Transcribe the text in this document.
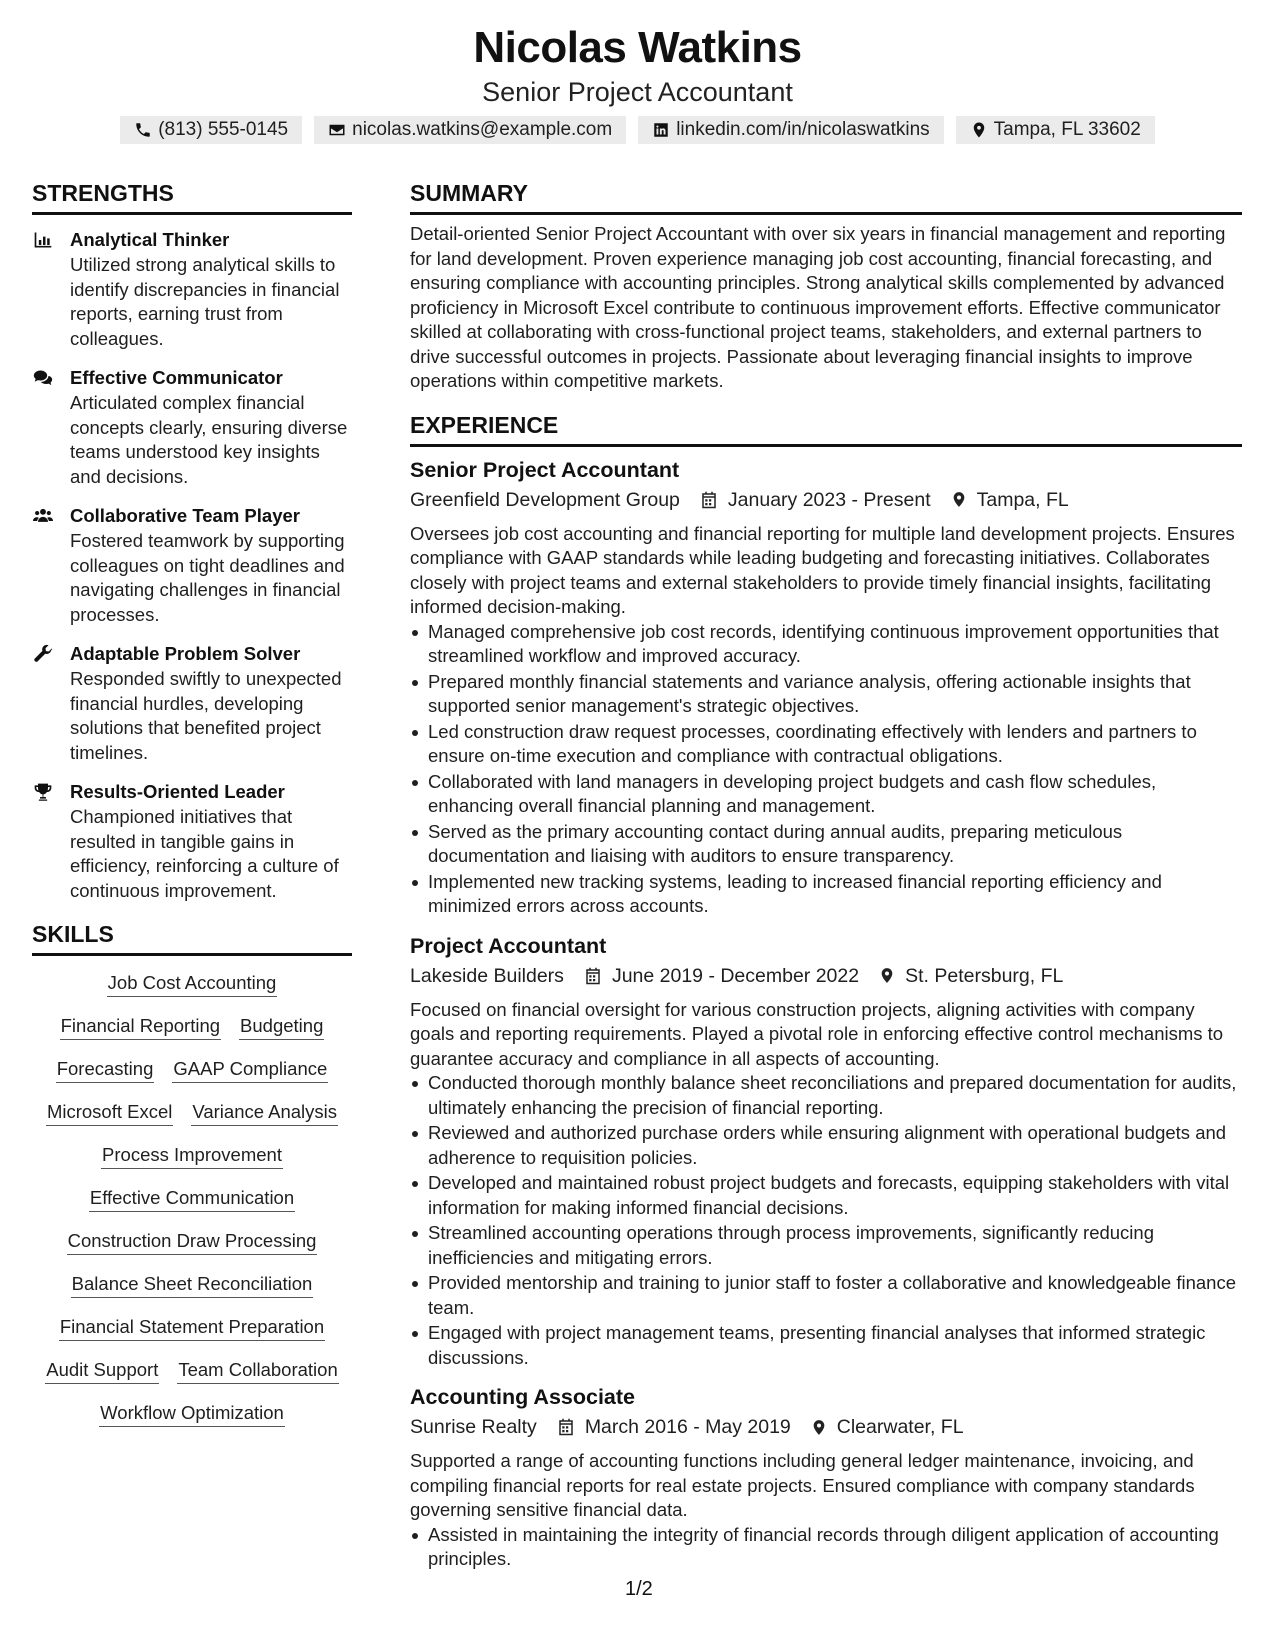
Nicolas Watkins
Senior Project Accountant
(813) 555-0145	nicolas.watkins@example.com	linkedin.com/in/nicolaswatkins	Tampa, FL 33602
STRENGTHS
Analytical Thinker
Utilized strong analytical skills to identify discrepancies in financial reports, earning trust from colleagues.
Effective Communicator
Articulated complex financial concepts clearly, ensuring diverse teams understood key insights and decisions.
Collaborative Team Player
Fostered teamwork by supporting colleagues on tight deadlines and navigating challenges in financial processes.
Adaptable Problem Solver
Responded swiftly to unexpected financial hurdles, developing solutions that benefited project timelines.
Results-Oriented Leader
Championed initiatives that resulted in tangible gains in efficiency, reinforcing a culture of continuous improvement.
SKILLS
Job Cost Accounting
Financial Reporting Budgeting
Forecasting GAAP Compliance
Microsoft Excel Variance Analysis
Process Improvement
Effective Communication
Construction Draw Processing
Balance Sheet Reconciliation
Financial Statement Preparation
Audit Support Team Collaboration
Workflow Optimization
SUMMARY
Detail-oriented Senior Project Accountant with over six years in financial management and reporting for land development. Proven experience managing job cost accounting, financial forecasting, and ensuring compliance with accounting principles. Strong analytical skills complemented by advanced proficiency in Microsoft Excel contribute to continuous improvement efforts. Effective communicator skilled at collaborating with cross-functional project teams, stakeholders, and external partners to drive successful outcomes in projects. Passionate about leveraging financial insights to improve operations within competitive markets.
EXPERIENCE
Senior Project Accountant
Greenfield Development Group January 2023 - Present Tampa, FL
Oversees job cost accounting and financial reporting for multiple land development projects. Ensures compliance with GAAP standards while leading budgeting and forecasting initiatives. Collaborates closely with project teams and external stakeholders to provide timely financial insights, facilitating informed decision-making.
Managed comprehensive job cost records, identifying continuous improvement opportunities that streamlined workflow and improved accuracy.
Prepared monthly financial statements and variance analysis, offering actionable insights that supported senior management's strategic objectives.
Led construction draw request processes, coordinating effectively with lenders and partners to ensure on-time execution and compliance with contractual obligations.
Collaborated with land managers in developing project budgets and cash flow schedules, enhancing overall financial planning and management.
Served as the primary accounting contact during annual audits, preparing meticulous documentation and liaising with auditors to ensure transparency.
Implemented new tracking systems, leading to increased financial reporting efficiency and minimized errors across accounts.
Project Accountant
Lakeside Builders June 2019 - December 2022 St. Petersburg, FL
Focused on financial oversight for various construction projects, aligning activities with company goals and reporting requirements. Played a pivotal role in enforcing effective control mechanisms to guarantee accuracy and compliance in all aspects of accounting.
Conducted thorough monthly balance sheet reconciliations and prepared documentation for audits, ultimately enhancing the precision of financial reporting.
Reviewed and authorized purchase orders while ensuring alignment with operational budgets and adherence to requisition policies.
Developed and maintained robust project budgets and forecasts, equipping stakeholders with vital information for making informed financial decisions.
Streamlined accounting operations through process improvements, significantly reducing inefficiencies and mitigating errors.
Provided mentorship and training to junior staff to foster a collaborative and knowledgeable finance team.
Engaged with project management teams, presenting financial analyses that informed strategic discussions.
Accounting Associate
Sunrise Realty March 2016 - May 2019 Clearwater, FL
Supported a range of accounting functions including general ledger maintenance, invoicing, and compiling financial reports for real estate projects. Ensured compliance with company standards governing sensitive financial data.
Assisted in maintaining the integrity of financial records through diligent application of accounting principles.
1/2
